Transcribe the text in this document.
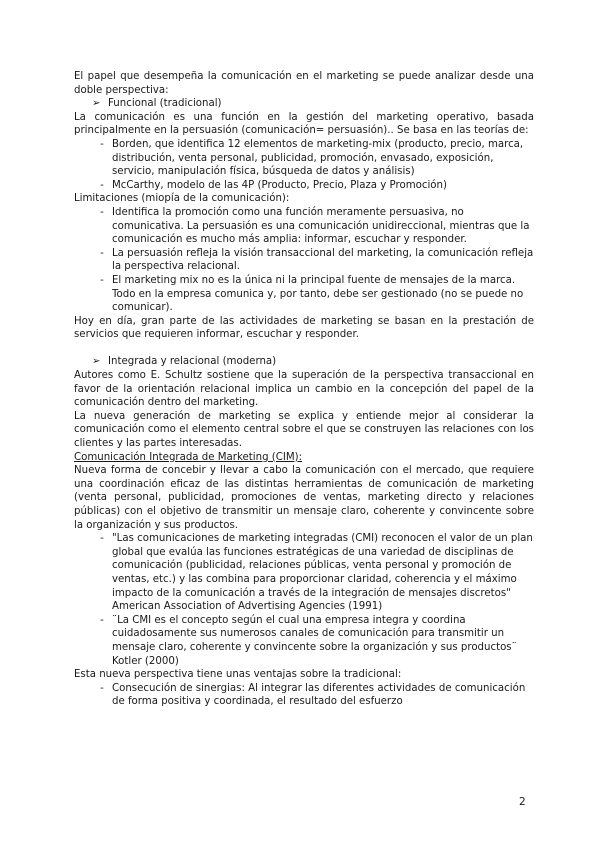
El papel que desempeña la comunicación en el marketing se puede analizar desde una doble perspectiva:

➢ Funcional (tradicional)

La comunicación es una función en la gestión del marketing operativo, basada principalmente en la persuasión (comunicación= persuasión).. Se basa en las teorías de:

- Borden, que identifica 12 elementos de marketing-mix (producto, precio, marca, distribución, venta personal, publicidad, promoción, envasado, exposición, servicio, manipulación física, búsqueda de datos y análisis)
- McCarthy, modelo de las 4P (Producto, Precio, Plaza y Promoción)

Limitaciones (miopía de la comunicación):

- Identifica la promoción como una función meramente persuasiva, no comunicativa. La persuasión es una comunicación unidireccional, mientras que la comunicación es mucho más amplia: informar, escuchar y responder.
- La persuasión refleja la visión transaccional del marketing, la comunicación refleja la perspectiva relacional.
- El marketing mix no es la única ni la principal fuente de mensajes de la marca. Todo en la empresa comunica y, por tanto, debe ser gestionado (no se puede no comunicar).

Hoy en día, gran parte de las actividades de marketing se basan en la prestación de servicios que requieren informar, escuchar y responder.

➢ Integrada y relacional (moderna)

Autores como E. Schultz sostiene que la superación de la perspectiva transaccional en favor de la orientación relacional implica un cambio en la concepción del papel de la comunicación dentro del marketing.

La nueva generación de marketing se explica y entiende mejor al considerar la comunicación como el elemento central sobre el que se construyen las relaciones con los clientes y las partes interesadas.

Comunicación Integrada de Marketing (CIM):

Nueva forma de concebir y llevar a cabo la comunicación con el mercado, que requiere una coordinación eficaz de las distintas herramientas de comunicación de marketing (venta personal, publicidad, promociones de ventas, marketing directo y relaciones públicas) con el objetivo de transmitir un mensaje claro, coherente y convincente sobre la organización y sus productos.

- "Las comunicaciones de marketing integradas (CMI) reconocen el valor de un plan global que evalúa las funciones estratégicas de una variedad de disciplinas de comunicación (publicidad, relaciones públicas, venta personal y promoción de ventas, etc.) y las combina para proporcionar claridad, coherencia y el máximo impacto de la comunicación a través de la integración de mensajes discretos" American Association of Advertising Agencies (1991)
- ¨La CMI es el concepto según el cual una empresa integra y coordina cuidadosamente sus numerosos canales de comunicación para transmitir un mensaje claro, coherente y convincente sobre la organización y sus productos¨ Kotler (2000)

Esta nueva perspectiva tiene unas ventajas sobre la tradicional:

- Consecución de sinergias: Al integrar las diferentes actividades de comunicación de forma positiva y coordinada, el resultado del esfuerzo
2
